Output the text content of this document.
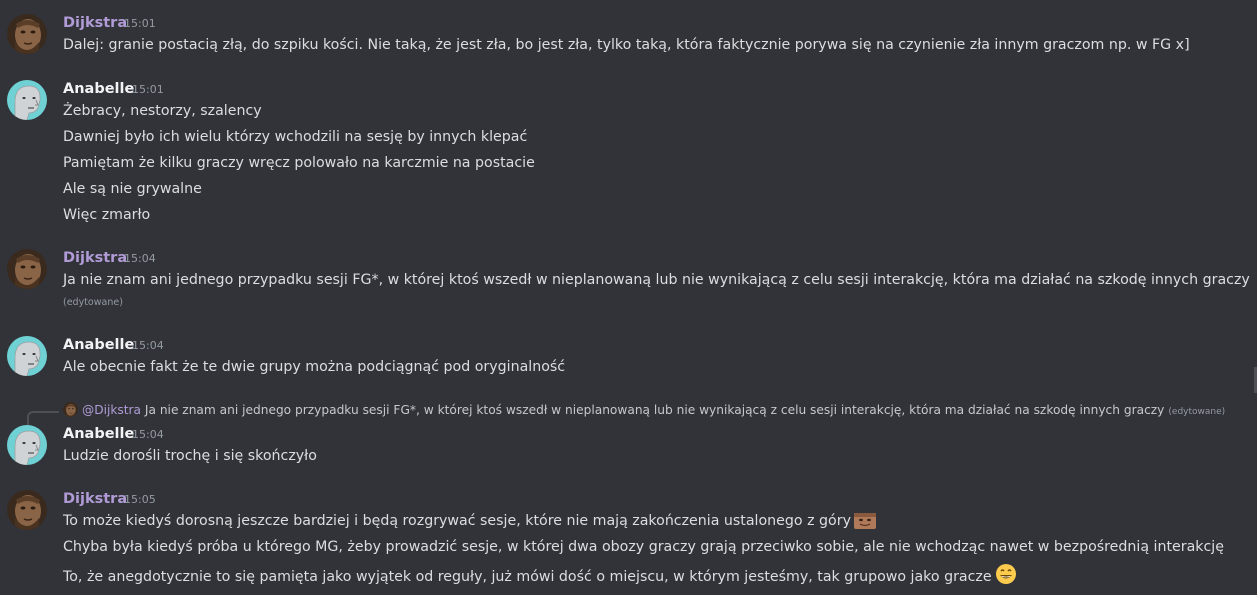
Dijkstra
15:01
Dalej: granie postacią złą, do szpiku kości. Nie taką, że jest zła, bo jest zła, tylko taką, która faktycznie porywa się na czynienie zła innym graczom np. w FG x]
Anabelle
15:01
Żebracy, nestorzy, szalency
Dawniej było ich wielu którzy wchodzili na sesję by innych klepać
Pamiętam że kilku graczy wręcz polowało na karczmie na postacie
Ale są nie grywalne
Więc zmarło
Dijkstra
15:04
Ja nie znam ani jednego przypadku sesji FG*, w której ktoś wszedł w nieplanowaną lub nie wynikającą z celu sesji interakcję, która ma działać na szkodę innych graczy
(edytowane)
Anabelle
15:04
Ale obecnie fakt że te dwie grupy można podciągnąć pod oryginalność
@Dijkstra Ja nie znam ani jednego przypadku sesji FG*, w której ktoś wszedł w nieplanowaną lub nie wynikającą z celu sesji interakcję, która ma działać na szkodę innych graczy (edytowane)
Anabelle
15:04
Ludzie dorośli trochę i się skończyło
Dijkstra
15:05
To może kiedyś dorosną jeszcze bardziej i będą rozgrywać sesje, które nie mają zakończenia ustalonego z góry
Chyba była kiedyś próba u którego MG, żeby prowadzić sesje, w której dwa obozy graczy grają przeciwko sobie, ale nie wchodząc nawet w bezpośrednią interakcję
To, że anegdotycznie to się pamięta jako wyjątek od reguły, już mówi dość o miejscu, w którym jesteśmy, tak grupowo jako gracze
